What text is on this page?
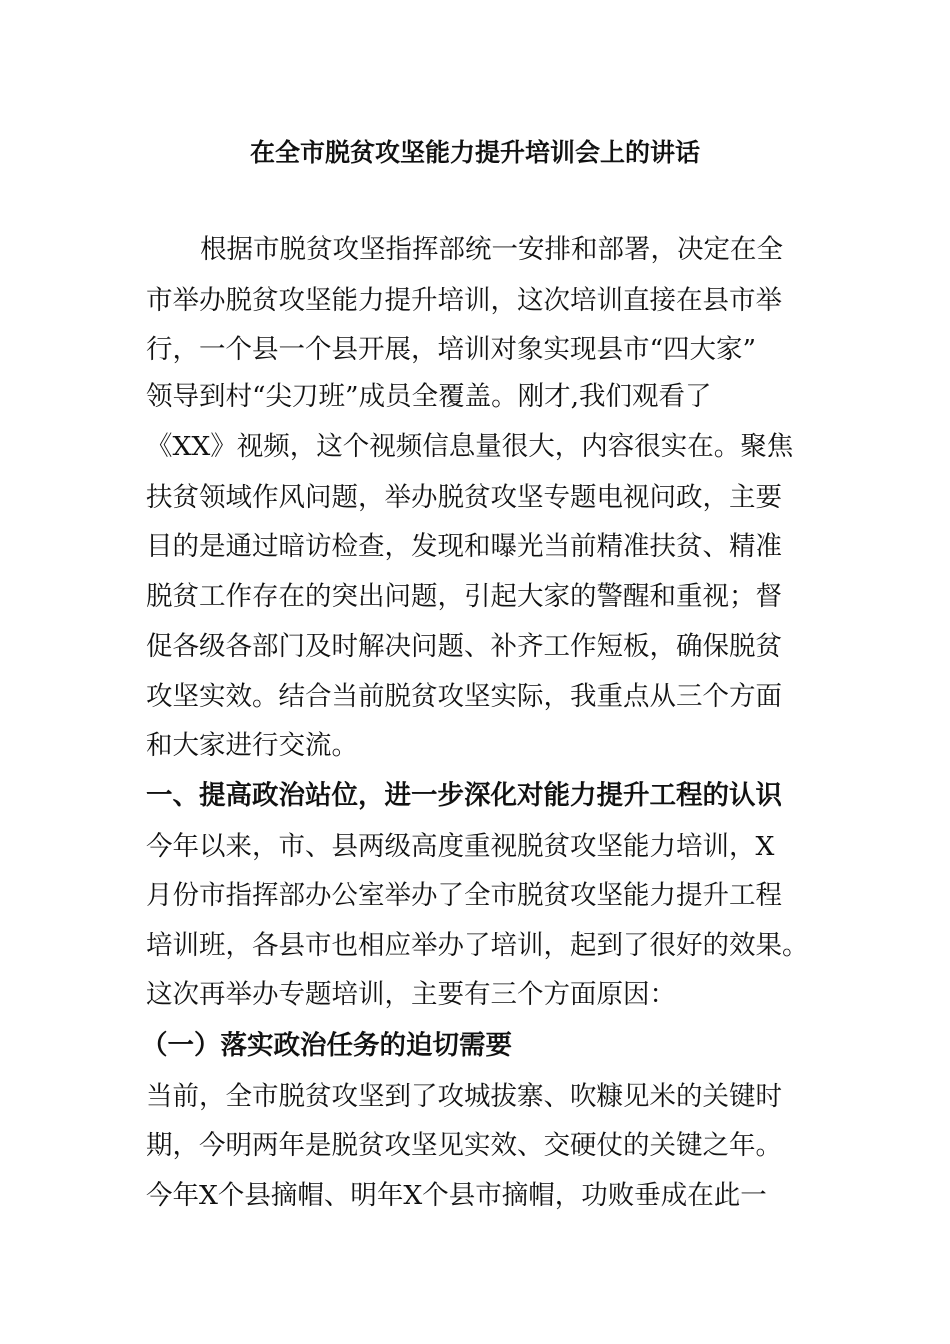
在全市脱贫攻坚能力提升培训会上的讲话
根据市脱贫攻坚指挥部统一安排和部署，决定在全
市举办脱贫攻坚能力提升培训，这次培训直接在县市举
行，一个县一个县开展，培训对象实现县市“四大家”
领导到村“尖刀班”成员全覆盖。刚才,我们观看了
《XX》视频，这个视频信息量很大，内容很实在。聚焦
扶贫领域作风问题，举办脱贫攻坚专题电视问政，主要
目的是通过暗访检查，发现和曝光当前精准扶贫、精准
脱贫工作存在的突出问题，引起大家的警醒和重视；督
促各级各部门及时解决问题、补齐工作短板，确保脱贫
攻坚实效。结合当前脱贫攻坚实际，我重点从三个方面
和大家进行交流。
一、提高政治站位，进一步深化对能力提升工程的认识
今年以来，市、县两级高度重视脱贫攻坚能力培训，X
月份市指挥部办公室举办了全市脱贫攻坚能力提升工程
培训班，各县市也相应举办了培训，起到了很好的效果。
这次再举办专题培训，主要有三个方面原因：
（一）落实政治任务的迫切需要
当前，全市脱贫攻坚到了攻城拔寨、吹糠见米的关键时
期，今明两年是脱贫攻坚见实效、交硬仗的关键之年。
今年X个县摘帽、明年X个县市摘帽，功败垂成在此一
